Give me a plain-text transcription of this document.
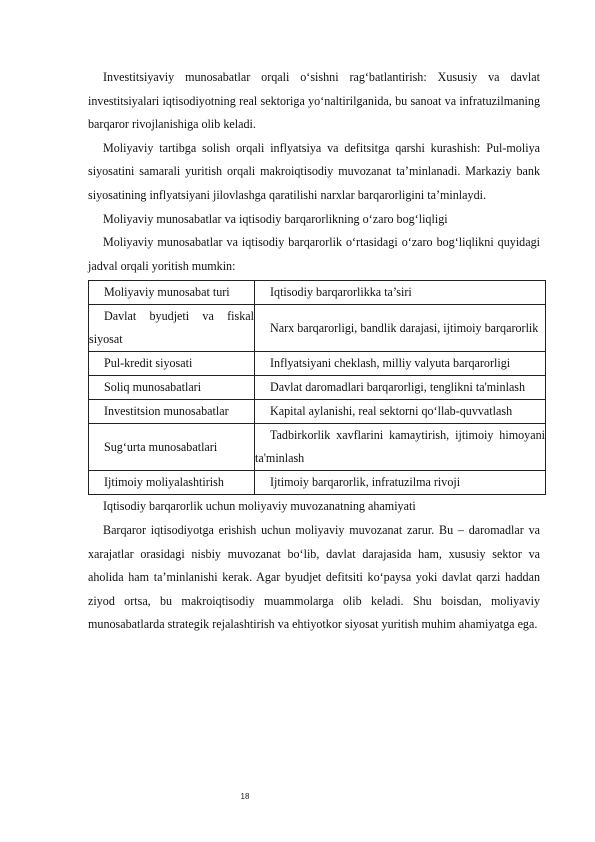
Investitsiyaviy munosabatlar orqali o‘sishni rag‘batlantirish: Xususiy va davlat investitsiyalari iqtisodiyotning real sektoriga yo‘naltirilganida, bu sanoat va infratuzilmaning barqaror rivojlanishiga olib keladi.

Moliyaviy tartibga solish orqali inflyatsiya va defitsitga qarshi kurashish: Pul-moliya siyosatini samarali yuritish orqali makroiqtisodiy muvozanat ta’minlanadi. Markaziy bank siyosatining inflyatsiyani jilovlashga qaratilishi narxlar barqarorligini ta’minlaydi.

Moliyaviy munosabatlar va iqtisodiy barqarorlikning o‘zaro bog‘liqligi

Moliyaviy munosabatlar va iqtisodiy barqarorlik o‘rtasidagi o‘zaro bog‘liqlikni quyidagi jadval orqali yoritish mumkin:

Moliyaviy munosabat turi	Iqtisodiy barqarorlikka ta’siri
Davlat byudjeti va fiskal siyosat	Narx barqarorligi, bandlik darajasi, ijtimoiy barqarorlik
Pul-kredit siyosati	Inflyatsiyani cheklash, milliy valyuta barqarorligi
Soliq munosabatlari	Davlat daromadlari barqarorligi, tenglikni ta'minlash
Investitsion munosabatlar	Kapital aylanishi, real sektorni qo‘llab-quvvatlash
Sug‘urta munosabatlari	Tadbirkorlik xavflarini kamaytirish, ijtimoiy himoyani ta'minlash
Ijtimoiy moliyalashtirish	Ijtimoiy barqarorlik, infratuzilma rivoji

Iqtisodiy barqarorlik uchun moliyaviy muvozanatning ahamiyati

Barqaror iqtisodiyotga erishish uchun moliyaviy muvozanat zarur. Bu – daromadlar va xarajatlar orasidagi nisbiy muvozanat bo‘lib, davlat darajasida ham, xususiy sektor va aholida ham ta’minlanishi kerak. Agar byudjet defitsiti ko‘paysa yoki davlat qarzi haddan ziyod ortsa, bu makroiqtisodiy muammolarga olib keladi. Shu boisdan, moliyaviy munosabatlarda strategik rejalashtirish va ehtiyotkor siyosat yuritish muhim ahamiyatga ega.

18
